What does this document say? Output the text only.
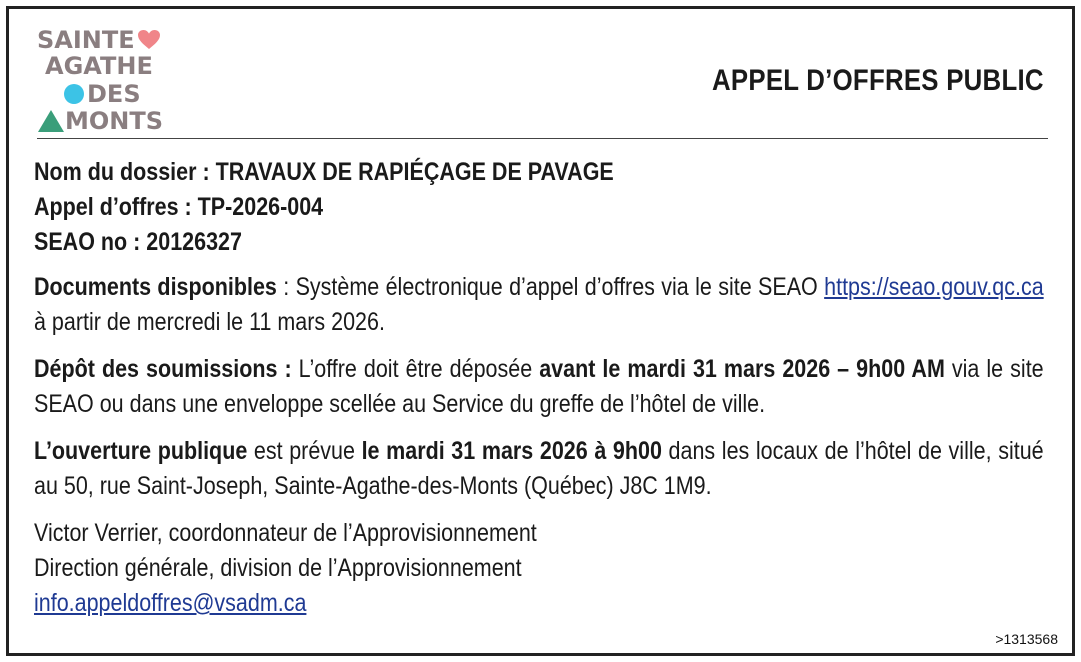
SAINTE
AGATHE
DES
MONTS
APPEL D’OFFRES PUBLIC
Nom du dossier : TRAVAUX DE RAPIÉÇAGE DE PAVAGE
Appel d’offres : TP-2026-004
SEAO no : 20126327
Documents disponibles : Système électronique d’appel d’offres via le site SEAO https://seao.gouv.qc.ca à partir de mercredi le 11 mars 2026.
Dépôt des soumissions : L’offre doit être déposée avant le mardi 31 mars 2026 – 9h00 AM via le site SEAO ou dans une enveloppe scellée au Service du greffe de l’hôtel de ville.
L’ouverture publique est prévue le mardi 31 mars 2026 à 9h00 dans les locaux de l’hôtel de ville, situé au 50, rue Saint-Joseph, Sainte-Agathe-des-Monts (Québec) J8C 1M9.
Victor Verrier, coordonnateur de l’Approvisionnement
Direction générale, division de l’Approvisionnement
info.appeldoffres@vsadm.ca
>1313568
